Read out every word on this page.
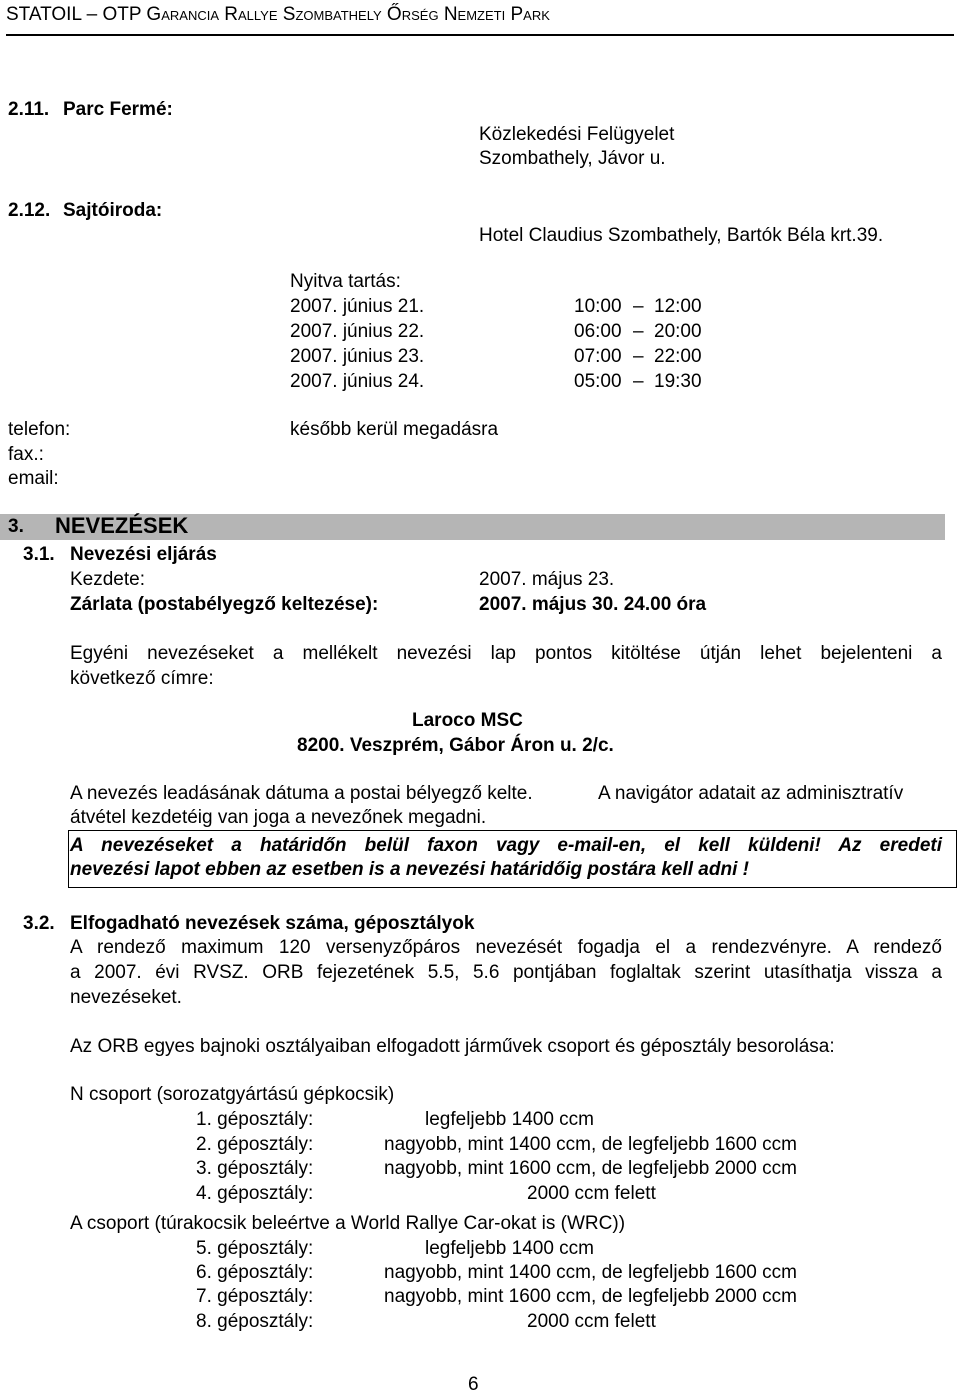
STATOIL – OTP Garancia Rallye Szombathely Őrség Nemzeti Park
2.11. Parc Fermé:
Közlekedési Felügyelet
Szombathely, Jávor u.
2.12. Sajtóiroda:
Hotel Claudius Szombathely, Bartók Béla krt.39.
Nyitva tartás:
2007. június 21.	10:00 – 12:00
2007. június 22.	06:00 – 20:00
2007. június 23.	07:00 – 22:00
2007. június 24.	05:00 – 19:30
telefon:	később kerül megadásra
fax.:
email:
3. NEVEZÉSEK
3.1. Nevezési eljárás
Kezdete:	2007. május 23.
Zárlata (postabélyegző keltezése):	2007. május 30. 24.00 óra
Egyéni nevezéseket a mellékelt nevezési lap pontos kitöltése útján lehet bejelenteni a
következő címre:
Laroco MSC
8200. Veszprém, Gábor Áron u. 2/c.
A nevezés leadásának dátuma a postai bélyegző kelte.	A navigátor adatait az adminisztratív
átvétel kezdetéig van joga a nevezőnek megadni.
A nevezéseket a határidőn belül faxon vagy e-mail-en, el kell küldeni! Az eredeti
nevezési lapot ebben az esetben is a nevezési határidőig postára kell adni !
3.2. Elfogadható nevezések száma, géposztályok
A rendező maximum 120 versenyzőpáros nevezését fogadja el a rendezvényre. A rendező
a 2007. évi RVSZ. ORB fejezetének 5.5, 5.6 pontjában foglaltak szerint utasíthatja vissza a
nevezéseket.
Az ORB egyes bajnoki osztályaiban elfogadott járművek csoport és géposztály besorolása:
N csoport (sorozatgyártású gépkocsik)
1. géposztály:	legfeljebb 1400 ccm
2. géposztály:	nagyobb, mint 1400 ccm, de legfeljebb 1600 ccm
3. géposztály:	nagyobb, mint 1600 ccm, de legfeljebb 2000 ccm
4. géposztály:	2000 ccm felett
A csoport (túrakocsik beleértve a World Rallye Car-okat is (WRC))
5. géposztály:	legfeljebb 1400 ccm
6. géposztály:	nagyobb, mint 1400 ccm, de legfeljebb 1600 ccm
7. géposztály:	nagyobb, mint 1600 ccm, de legfeljebb 2000 ccm
8. géposztály:	2000 ccm felett
6
